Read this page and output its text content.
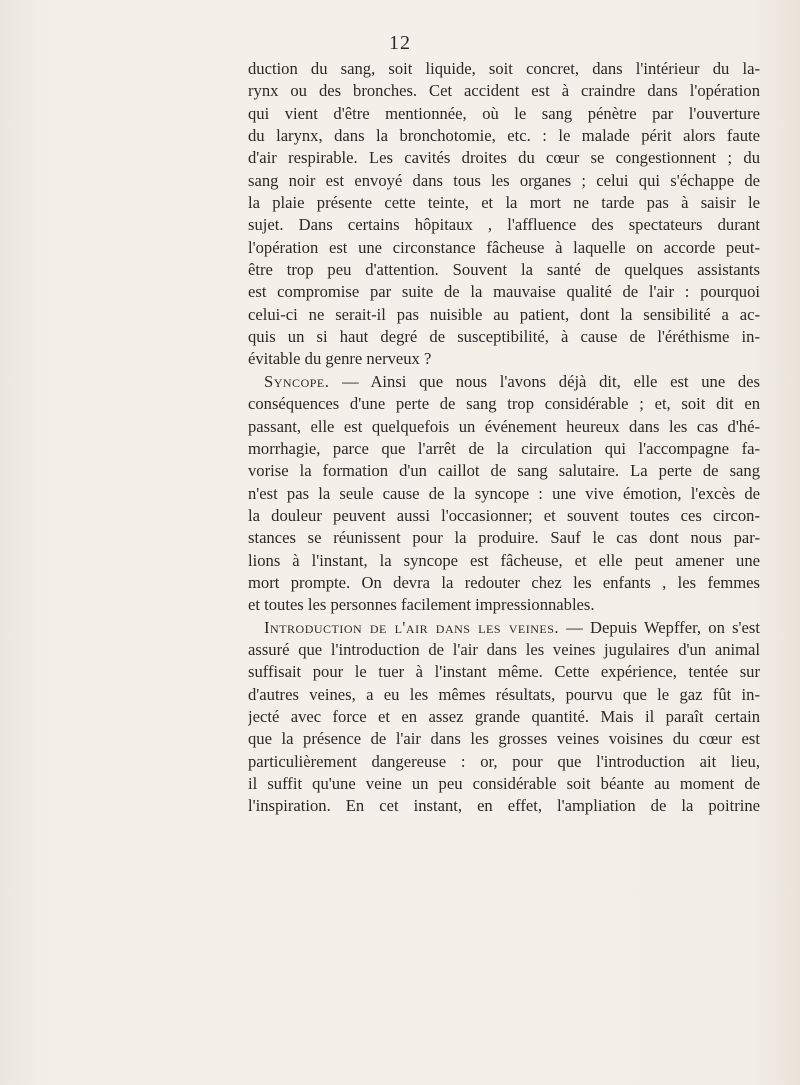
12
duction du sang, soit liquide, soit concret, dans l'intérieur du la-
rynx ou des bronches. Cet accident est à craindre dans l'opération
qui vient d'être mentionnée, où le sang pénètre par l'ouverture
du larynx, dans la bronchotomie, etc. : le malade périt alors faute
d'air respirable. Les cavités droites du cœur se congestionnent ; du
sang noir est envoyé dans tous les organes ; celui qui s'échappe de
la plaie présente cette teinte, et la mort ne tarde pas à saisir le
sujet. Dans certains hôpitaux , l'affluence des spectateurs durant
l'opération est une circonstance fâcheuse à laquelle on accorde peut-
être trop peu d'attention. Souvent la santé de quelques assistants
est compromise par suite de la mauvaise qualité de l'air : pourquoi
celui-ci ne serait-il pas nuisible au patient, dont la sensibilité a ac-
quis un si haut degré de susceptibilité, à cause de l'éréthisme in-
évitable du genre nerveux ?
Syncope. — Ainsi que nous l'avons déjà dit, elle est une des
conséquences d'une perte de sang trop considérable ; et, soit dit en
passant, elle est quelquefois un événement heureux dans les cas d'hé-
morrhagie, parce que l'arrêt de la circulation qui l'accompagne fa-
vorise la formation d'un caillot de sang salutaire. La perte de sang
n'est pas la seule cause de la syncope : une vive émotion, l'excès de
la douleur peuvent aussi l'occasionner; et souvent toutes ces circon-
stances se réunissent pour la produire. Sauf le cas dont nous par-
lions à l'instant, la syncope est fâcheuse, et elle peut amener une
mort prompte. On devra la redouter chez les enfants , les femmes
et toutes les personnes facilement impressionnables.
Introduction de l'air dans les veines. — Depuis Wepffer, on s'est
assuré que l'introduction de l'air dans les veines jugulaires d'un animal
suffisait pour le tuer à l'instant même. Cette expérience, tentée sur
d'autres veines, a eu les mêmes résultats, pourvu que le gaz fût in-
jecté avec force et en assez grande quantité. Mais il paraît certain
que la présence de l'air dans les grosses veines voisines du cœur est
particulièrement dangereuse : or, pour que l'introduction ait lieu,
il suffit qu'une veine un peu considérable soit béante au moment de
l'inspiration. En cet instant, en effet, l'ampliation de la poitrine
